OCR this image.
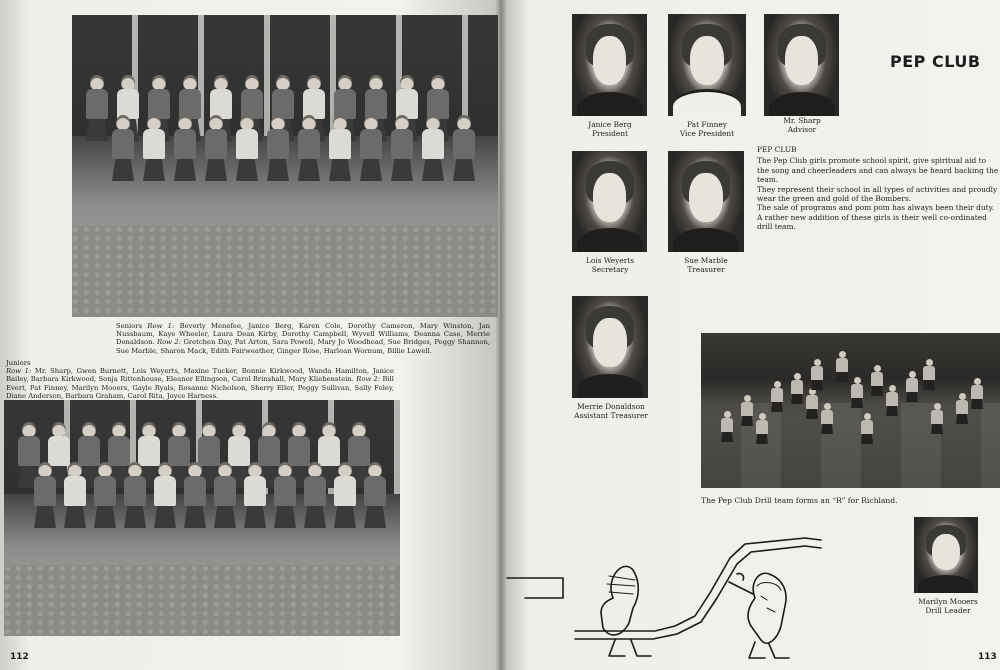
Seniors Row 1: Beverly Menefee, Janice Berg, Karen Cole, Dorothy Cameron, Mary Winston, Jan Nussbaum, Kaye Wheeler, Laura Dean Kirby, Dorothy Campbell, Wyvell Williams, Deanna Case, Merrie Donaldson. Row 2: Gretchen Day, Pat Arton, Sara Powell, Mary Jo Woodhead, Sue Bridges, Peggy Shannon, Sue Marble, Sharon Mack, Edith Fairweather, Ginger Rose, Harlean Wornum, Billie Lawell.
Juniors
Row 1: Mr. Sharp, Gwen Burnett, Lois Weyerts, Maxine Tucker, Bonnie Kirkwood, Wanda Hamilton, Janice Bailey, Barbara Kirkwood, Sonja Rittenhouse, Eleanor Ellingson, Carol Brinshall, Mary Kliebenstein. Row 2: Bill Evert, Pat Finney, Marilyn Mooers, Gayle Ryals, Rosanne Nicholson, Sherry Eller, Peggy Sullivan, Sally Foley, Diane Anderson, Barbara Graham, Carol Rita, Joyce Harness.
112
PEP CLUB
Janice Berg
President
Pat Finney
Vice President
Mr. Sharp
Advisor
Lois Weyerts
Secretary
Sue Marble
Treasurer
Merrie Donaldson
Assistant Treasurer
Marilyn Mooers
Drill Leader

PEP CLUB

The Pep Club girls promote school spirit, give spiritual aid to the song and cheerleaders and can always be heard backing the team.

They represent their school in all types of activities and proudly wear the green and gold of the Bombers.

The sale of programs and pom pom has always been their duty.

A rather new addition of these girls is their well co-ordinated drill team.

The Pep Club Drill team forms an “R” for Richland.
113
